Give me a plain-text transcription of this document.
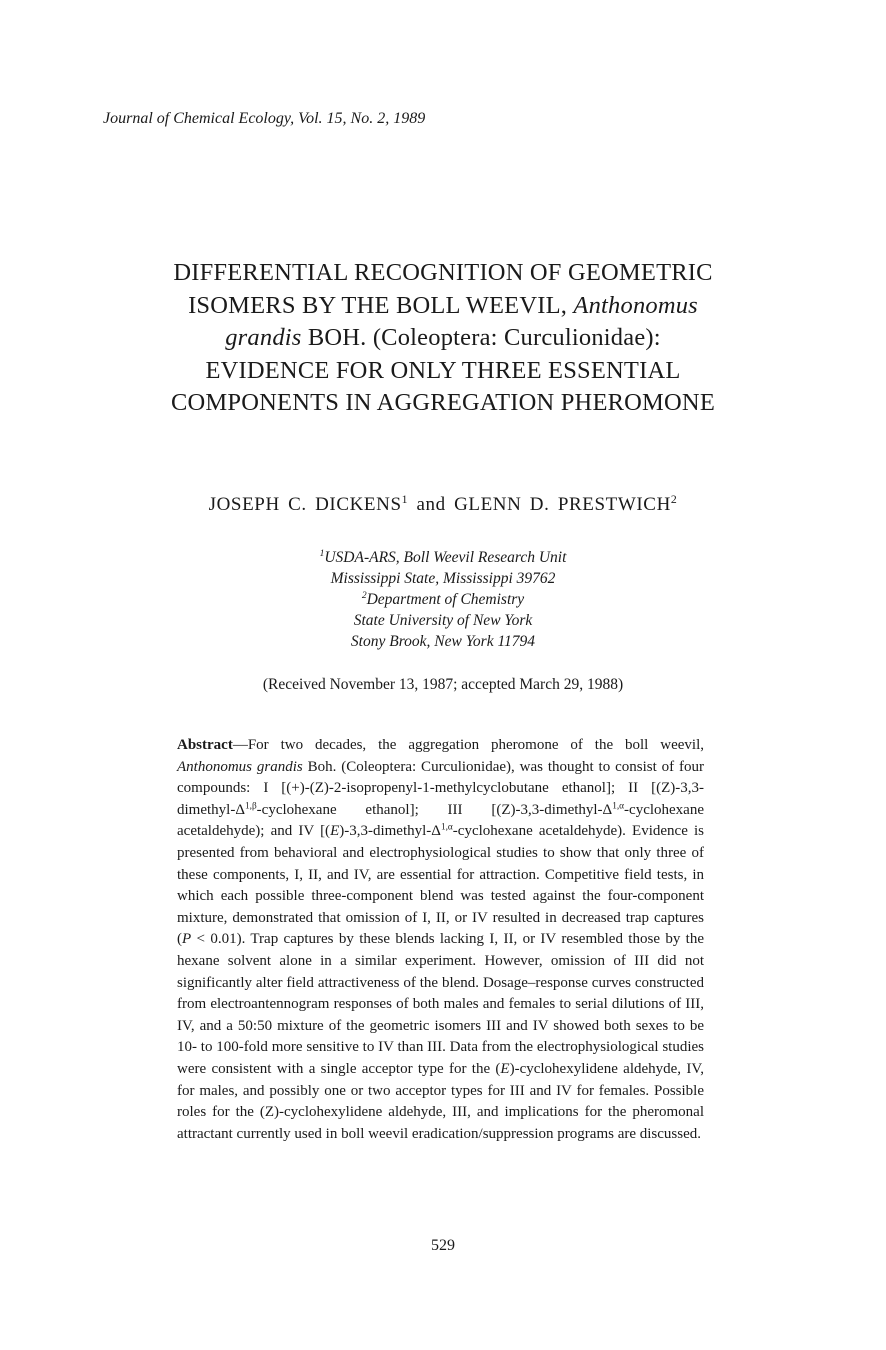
Journal of Chemical Ecology, Vol. 15, No. 2, 1989
DIFFERENTIAL RECOGNITION OF GEOMETRIC
ISOMERS BY THE BOLL WEEVIL, Anthonomus
grandis BOH. (Coleoptera: Curculionidae):
EVIDENCE FOR ONLY THREE ESSENTIAL
COMPONENTS IN AGGREGATION PHEROMONE
JOSEPH C. DICKENS$^1$ and GLENN D. PRESTWICH$^2$
$^1$USDA-ARS, Boll Weevil Research Unit
Mississippi State, Mississippi 39762
$^2$Department of Chemistry
State University of New York
Stony Brook, New York 11794
(Received November 13, 1987; accepted March 29, 1988)
Abstract—For two decades, the aggregation pheromone of the boll weevil, Anthonomus grandis Boh. (Coleoptera: Curculionidae), was thought to consist of four compounds: I [(+)-(Z)-2-isopropenyl-1-methylcyclobutane ethanol]; II [$(Z)-3,3-dimethyl-\Delta^{1,\beta}$-cyclohexane ethanol]; III [$(Z)-3,3-dimethyl-\Delta^{1,\alpha}$-cyclohexane acetaldehyde); and IV [$(E)-3,3-dimethyl-\Delta^{1,\alpha}$-cyclohexane acetaldehyde). Evidence is presented from behavioral and electrophysiological studies to show that only three of these components, I, II, and IV, are essential for attraction. Competitive field tests, in which each possible three-component blend was tested against the four-component mixture, demonstrated that omission of I, II, or IV resulted in decreased trap captures (P < 0.01). Trap captures by these blends lacking I, II, or IV resembled those by the hexane solvent alone in a similar experiment. However, omission of III did not significantly alter field attractiveness of the blend. Dosage–response curves constructed from electroantennogram responses of both males and females to serial dilutions of III, IV, and a 50:50 mixture of the geometric isomers III and IV showed both sexes to be 10- to 100-fold more sensitive to IV than III. Data from the electrophysiological studies were consistent with a single acceptor type for the (E)-cyclohexylidene aldehyde, IV, for males, and possibly one or two acceptor types for III and IV for females. Possible roles for the (Z)-cyclohexylidene aldehyde, III, and implications for the pheromonal attractant currently used in boll weevil eradication/suppression programs are discussed.
529
